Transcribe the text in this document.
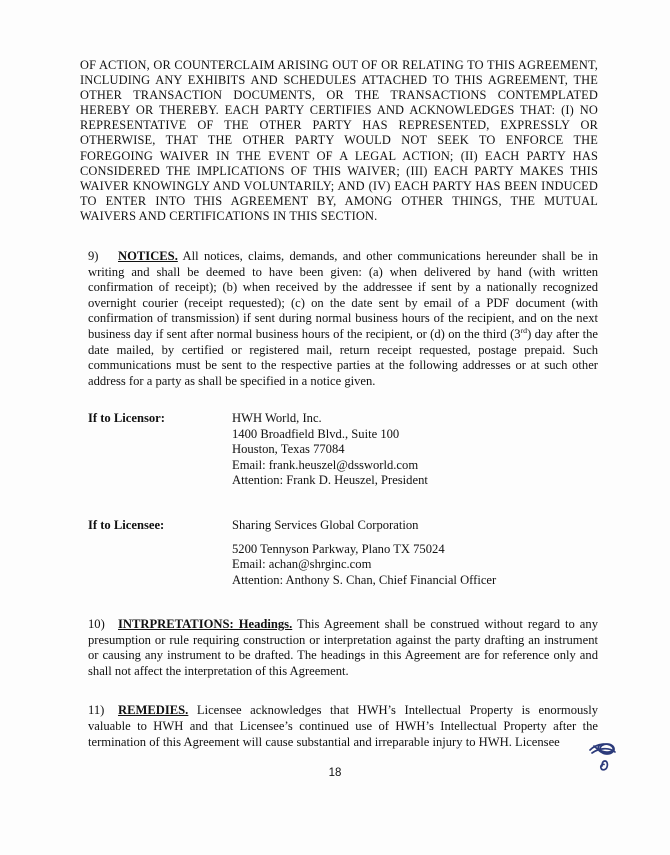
OF ACTION, OR COUNTERCLAIM ARISING OUT OF OR RELATING TO THIS AGREEMENT, INCLUDING ANY EXHIBITS AND SCHEDULES ATTACHED TO THIS AGREEMENT, THE OTHER TRANSACTION DOCUMENTS, OR THE TRANSACTIONS CONTEMPLATED HEREBY OR THEREBY. EACH PARTY CERTIFIES AND ACKNOWLEDGES THAT: (I) NO REPRESENTATIVE OF THE OTHER PARTY HAS REPRESENTED, EXPRESSLY OR OTHERWISE, THAT THE OTHER PARTY WOULD NOT SEEK TO ENFORCE THE FOREGOING WAIVER IN THE EVENT OF A LEGAL ACTION; (II) EACH PARTY HAS CONSIDERED THE IMPLICATIONS OF THIS WAIVER; (III) EACH PARTY MAKES THIS WAIVER KNOWINGLY AND VOLUNTARILY; AND (IV) EACH PARTY HAS BEEN INDUCED TO ENTER INTO THIS AGREEMENT BY, AMONG OTHER THINGS, THE MUTUAL WAIVERS AND CERTIFICATIONS IN THIS SECTION.

9) NOTICES. All notices, claims, demands, and other communications hereunder shall be in writing and shall be deemed to have been given: (a) when delivered by hand (with written confirmation of receipt); (b) when received by the addressee if sent by a nationally recognized overnight courier (receipt requested); (c) on the date sent by email of a PDF document (with confirmation of transmission) if sent during normal business hours of the recipient, and on the next business day if sent after normal business hours of the recipient, or (d) on the third (3rd) day after the date mailed, by certified or registered mail, return receipt requested, postage prepaid. Such communications must be sent to the respective parties at the following addresses or at such other address for a party as shall be specified in a notice given.

If to Licensor:	HWH World, Inc.
1400 Broadfield Blvd., Suite 100
Houston, Texas 77084
Email: frank.heuszel@dssworld.com
Attention: Frank D. Heuszel, President
If to Licensee:	Sharing Services Global Corporation
5200 Tennyson Parkway, Plano TX 75024
Email: achan@shrginc.com
Attention: Anthony S. Chan, Chief Financial Officer

10) INTRPRETATIONS: Headings. This Agreement shall be construed without regard to any presumption or rule requiring construction or interpretation against the party drafting an instrument or causing any instrument to be drafted. The headings in this Agreement are for reference only and shall not affect the interpretation of this Agreement.

11) REMEDIES. Licensee acknowledges that HWH’s Intellectual Property is enormously valuable to HWH and that Licensee’s continued use of HWH’s Intellectual Property after the termination of this Agreement will cause substantial and irreparable injury to HWH. Licensee

18
